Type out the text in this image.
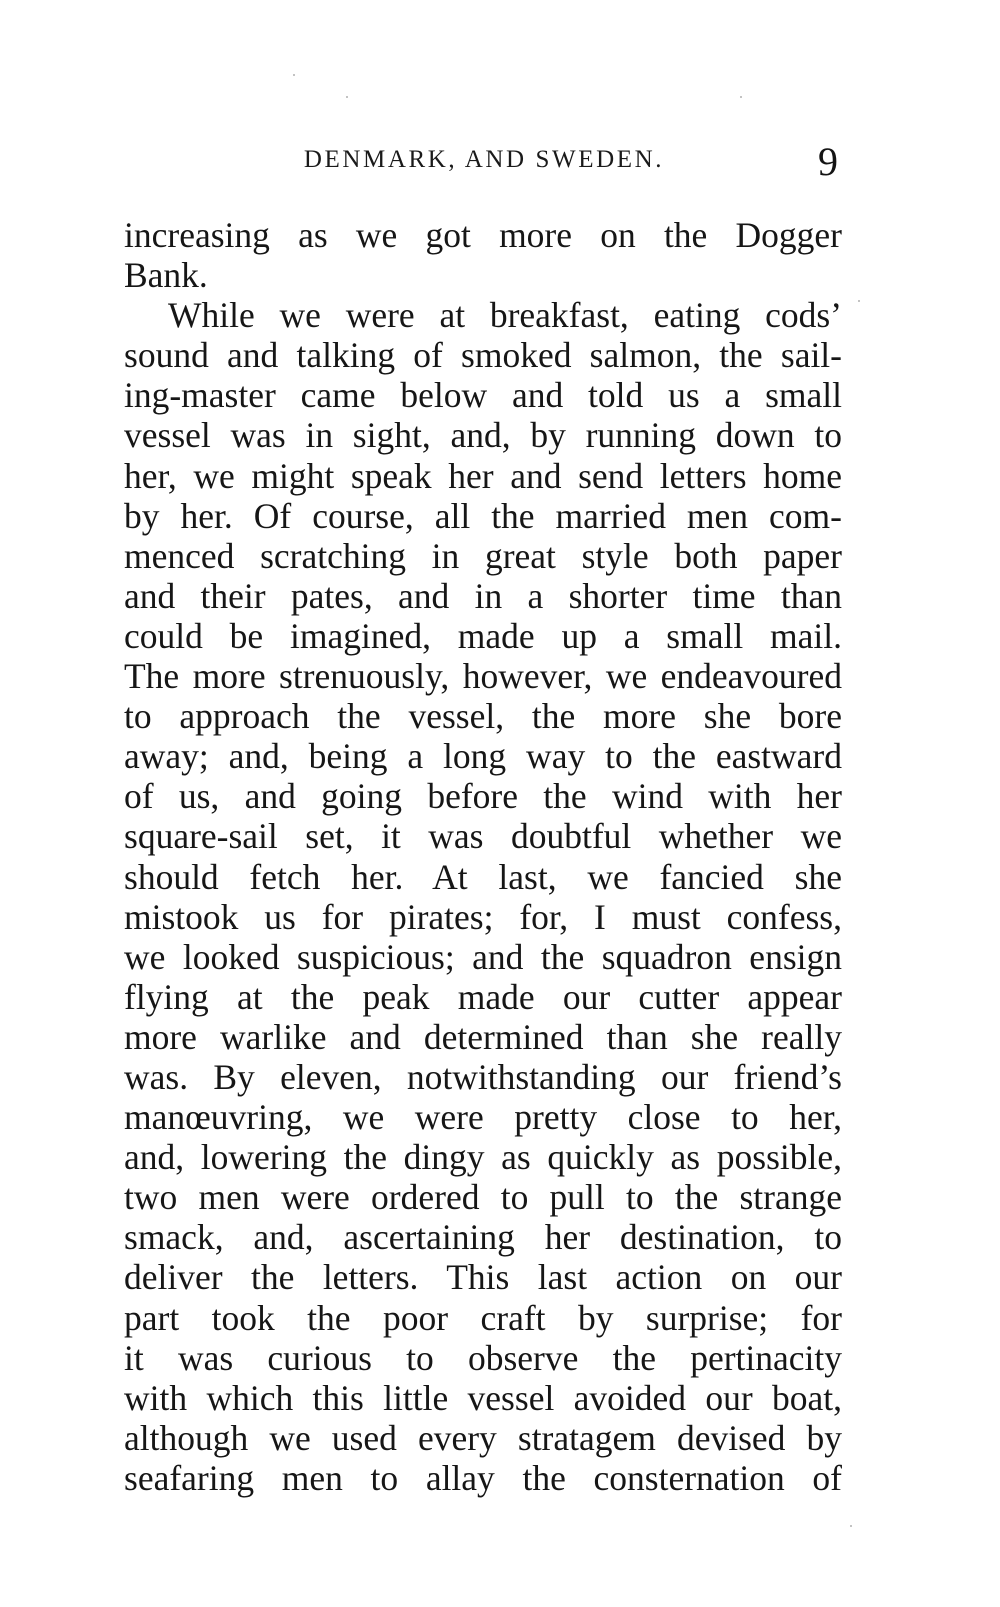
DENMARK, AND SWEDEN.	9
increasing as we got more on the Dogger
Bank.
While we were at breakfast, eating cods’
sound and talking of smoked salmon, the sail-
ing-master came below and told us a small
vessel was in sight, and, by running down to
her, we might speak her and send letters home
by her. Of course, all the married men com-
menced scratching in great style both paper
and their pates, and in a shorter time than
could be imagined, made up a small mail.
The more strenuously, however, we endeavoured
to approach the vessel, the more she bore
away; and, being a long way to the eastward
of us, and going before the wind with her
square-sail set, it was doubtful whether we
should fetch her. At last, we fancied she
mistook us for pirates; for, I must confess,
we looked suspicious; and the squadron ensign
flying at the peak made our cutter appear
more warlike and determined than she really
was. By eleven, notwithstanding our friend’s
manœuvring, we were pretty close to her,
and, lowering the dingy as quickly as possible,
two men were ordered to pull to the strange
smack, and, ascertaining her destination, to
deliver the letters. This last action on our
part took the poor craft by surprise; for
it was curious to observe the pertinacity
with which this little vessel avoided our boat,
although we used every stratagem devised by
seafaring men to allay the consternation of
